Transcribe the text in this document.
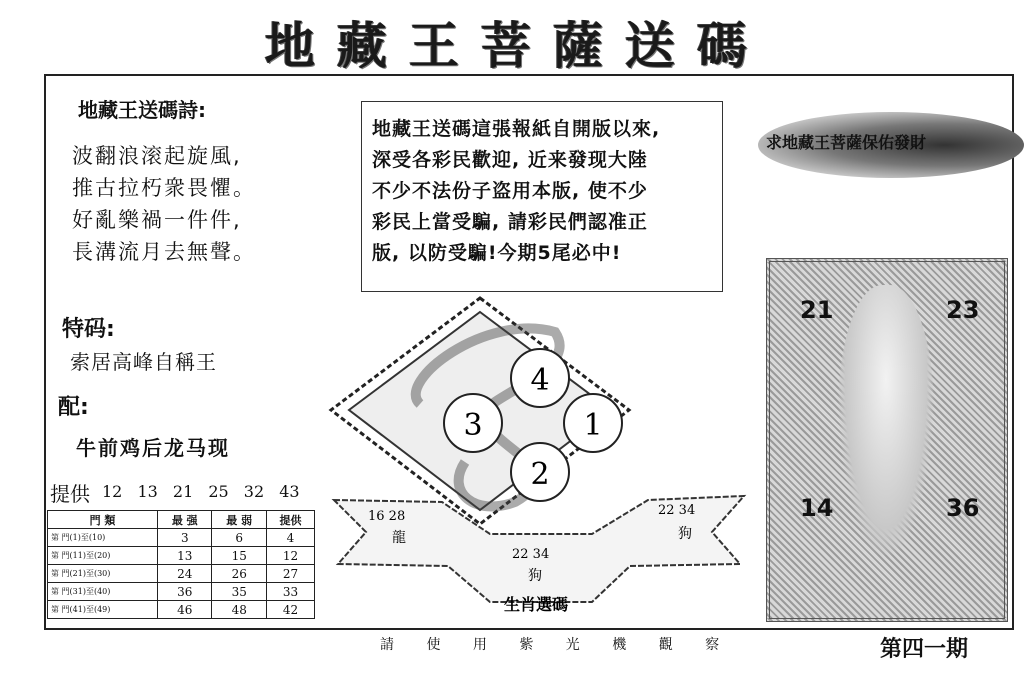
地藏王菩薩送碼
地藏王送碼詩:
波翻浪滚起旋風,
推古拉朽衆畏懼。
好亂樂禍一件件,
長溝流月去無聲。
特码:
索居高峰自稱王
配:
牛前鸡后龙马现
提供 12 13 21 25 32 43
門 類	最 强	最 弱	提供
第 門(1)至(10)	3	6	4
第 門(11)至(20)	13	15	12
第 門(21)至(30)	24	26	27
第 門(31)至(40)	36	35	33
第 門(41)至(49)	46	48	42
地藏王送碼這張報紙自開版以來,
深受各彩民歡迎, 近来發现大陸
不少不法份子盗用本版, 使不少
彩民上當受騙, 請彩民們認准正
版, 以防受騙!今期5尾必中!
求地藏王菩薩保佑發財
4
3	1
2
16 28
龍
22 34
狗
22 34
狗
生肖選碼
21	23
14	36
請 使 用 紫 光 機 觀 察	第四一期
